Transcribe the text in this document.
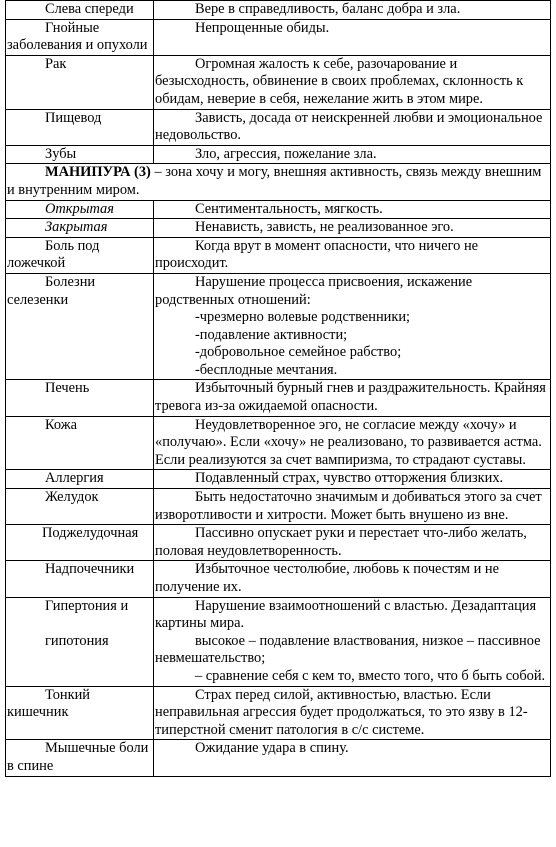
Слева спереди	Вере в справедливость, баланс добра и зла.

Гнойные заболевания и опухоли	Непрощенные обиды.

Рак	Огромная жалость к себе, разочарование и безысходность, обвинение в своих проблемах, склонность к обидам, неверие в себя, нежелание жить в этом мире.

Пищевод	Зависть, досада от неискренней любви и эмоциональное недовольство.

Зубы	Зло, агрессия, пожелание зла.

МАНИПУРА (3) – зона хочу и могу, внешняя активность, связь между внешним и внутренним миром.	

Открытая	Сентиментальность, мягкость.

Закрытая	Ненависть, зависть, не реализованное эго.

Боль под ложечкой	Когда врут в момент опасности, что ничего не происходит.

Болезни селезенки	Нарушение процесса присвоения, искажение родственных отношений:
-чрезмерно волевые родственники;
-подавление активности;
-добровольное семейное рабство;
-бесплодные мечтания.

Печень	Избыточный бурный гнев и раздражительность. Крайняя тревога из-за ожидаемой опасности.

Кожа	Неудовлетворенное эго, не согласие между «хочу» и «получаю». Если «хочу» не реализовано, то развивается астма. Если реализуются за счет вампиризма, то страдают суставы.

Аллергия	Подавленный страх, чувство отторжения близких.

Желудок	Быть недостаточно значимым и добиваться этого за счет изворотливости и хитрости. Может быть внушено из вне.

Поджелудочная	Пассивно опускает руки и перестает что-либо желать, половая неудовлетворенность.

Надпочечники	Избыточное честолюбие, любовь к почестям и не получение их.

Гипертония и
гипотония	Нарушение взаимоотношений с властью. Дезадаптация картины мира.
высокое – подавление властвования, низкое – пассивное невмешательство;
– сравнение себя с кем то, вместо того, что б быть собой.

Тонкий кишечник	Страх перед силой, активностью, властью. Если неправильная агрессия будет продолжаться, то это язву в 12-типерстной сменит патология в с/с системе.

Мышечные боли в спине	Ожидание удара в спину.
